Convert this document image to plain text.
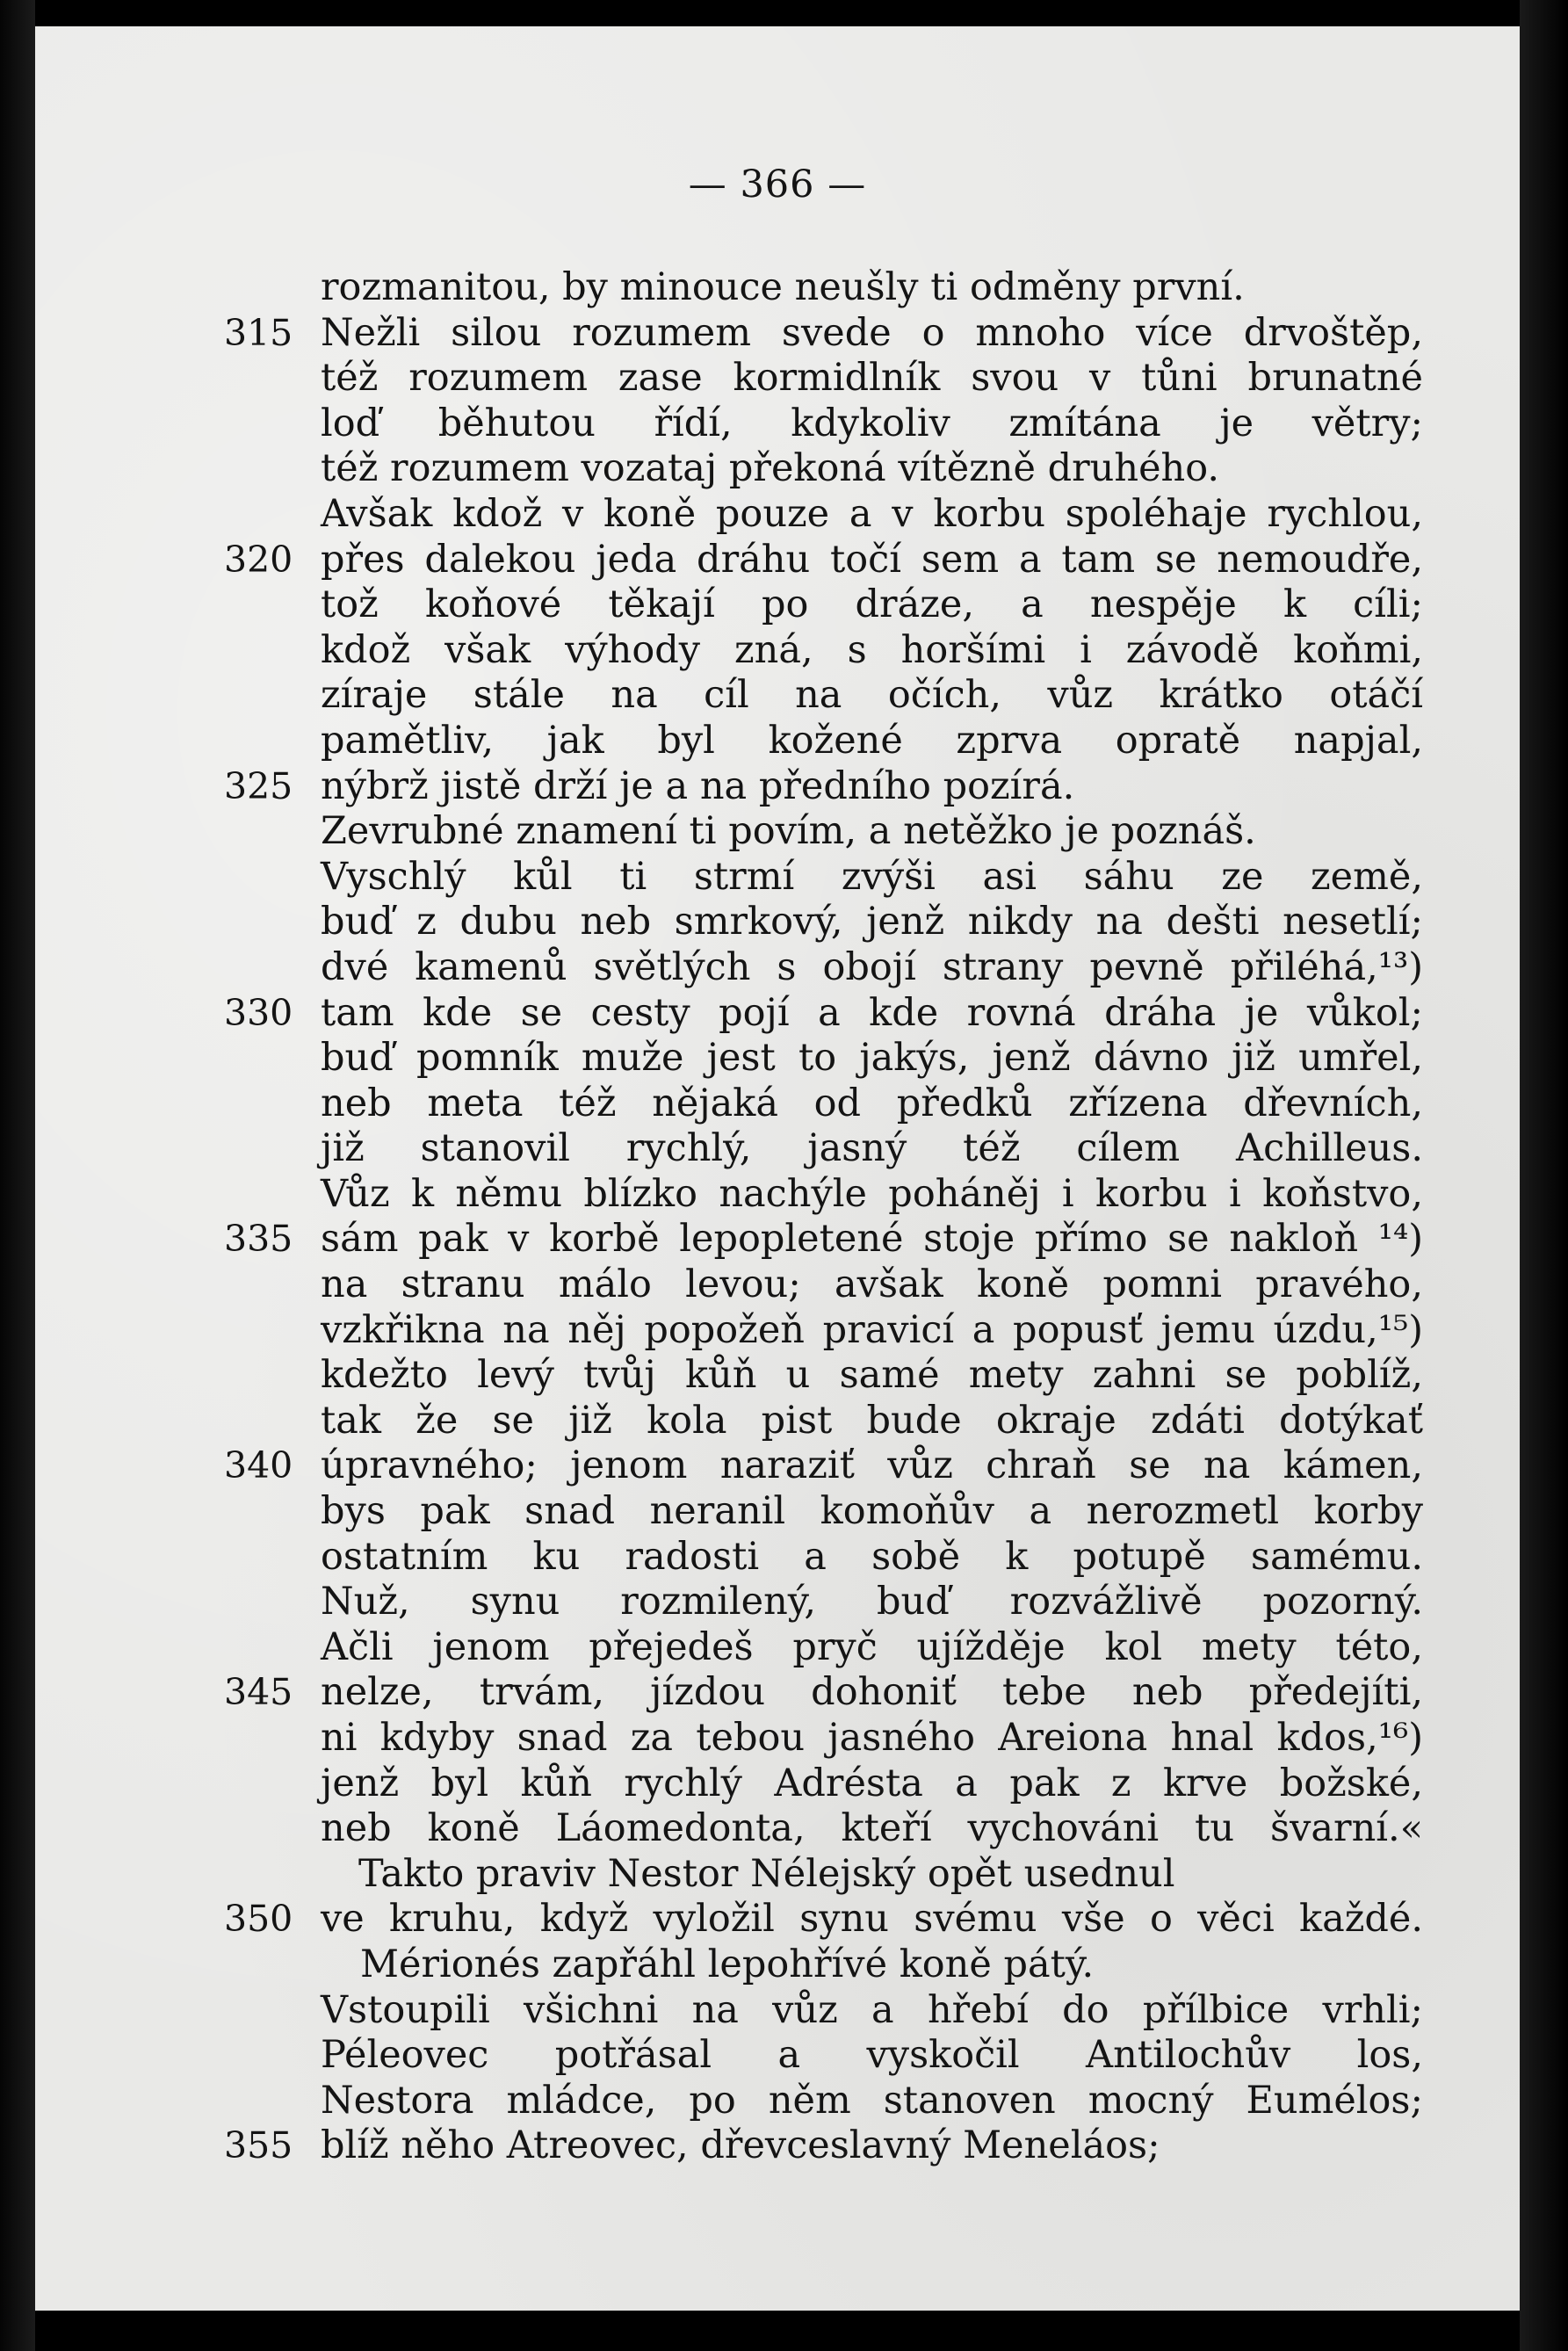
— 366 —
rozmanitou, by minouce neušly ti odměny první.
315 Nežli silou rozumem svede o mnoho více drvoštěp,
též rozumem zase kormidlník svou v tůni brunatné
loď běhutou řídí, kdykoliv zmítána je větry;
též rozumem vozataj překoná vítězně druhého.
Avšak kdož v koně pouze a v korbu spoléhaje rychlou,
320 přes dalekou jeda dráhu točí sem a tam se nemoudře,
tož koňové těkají po dráze, a nespěje k cíli;
kdož však výhody zná, s horšími i závodě koňmi,
zíraje stále na cíl na očích, vůz krátko otáčí
pamětliv, jak byl kožené zprva opratě napjal,
325 nýbrž jistě drží je a na předního pozírá.
Zevrubné znamení ti povím, a netěžko je poznáš.
Vyschlý kůl ti strmí zvýši asi sáhu ze země,
buď z dubu neb smrkový, jenž nikdy na dešti nesetlí;
dvé kamenů světlých s obojí strany pevně přiléhá,¹³)
330 tam kde se cesty pojí a kde rovná dráha je vůkol;
buď pomník muže jest to jakýs, jenž dávno již umřel,
neb meta též nějaká od předků zřízena dřevních,
již stanovil rychlý, jasný též cílem Achilleus.
Vůz k němu blízko nachýle poháněj i korbu i koňstvo,
335 sám pak v korbě lepopletené stoje přímo se nakloň ¹⁴)
na stranu málo levou; avšak koně pomni pravého,
vzkřikna na něj popožeň pravicí a popusť jemu úzdu,¹⁵)
kdežto levý tvůj kůň u samé mety zahni se poblíž,
tak že se již kola pist bude okraje zdáti dotýkať
340 úpravného; jenom naraziť vůz chraň se na kámen,
bys pak snad neranil komoňův a nerozmetl korby
ostatním ku radosti a sobě k potupě samému.
Nuž, synu rozmilený, buď rozvážlivě pozorný.
Ačli jenom přejedeš pryč ujížděje kol mety této,
345 nelze, trvám, jízdou dohoniť tebe neb předejíti,
ni kdyby snad za tebou jasného Areiona hnal kdos,¹⁶)
jenž byl kůň rychlý Adrésta a pak z krve božské,
neb koně Láomedonta, kteří vychováni tu švarní.«
Takto praviv Nestor Nélejský opět usednul
350 ve kruhu, když vyložil synu svému vše o věci každé.
Mérionés zapřáhl lepohřívé koně pátý.
Vstoupili všichni na vůz a hřebí do přílbice vrhli;
Péleovec potřásal a vyskočil Antilochův los,
Nestora mládce, po něm stanoven mocný Eumélos;
355 blíž něho Atreovec, dřevceslavný Meneláos;
